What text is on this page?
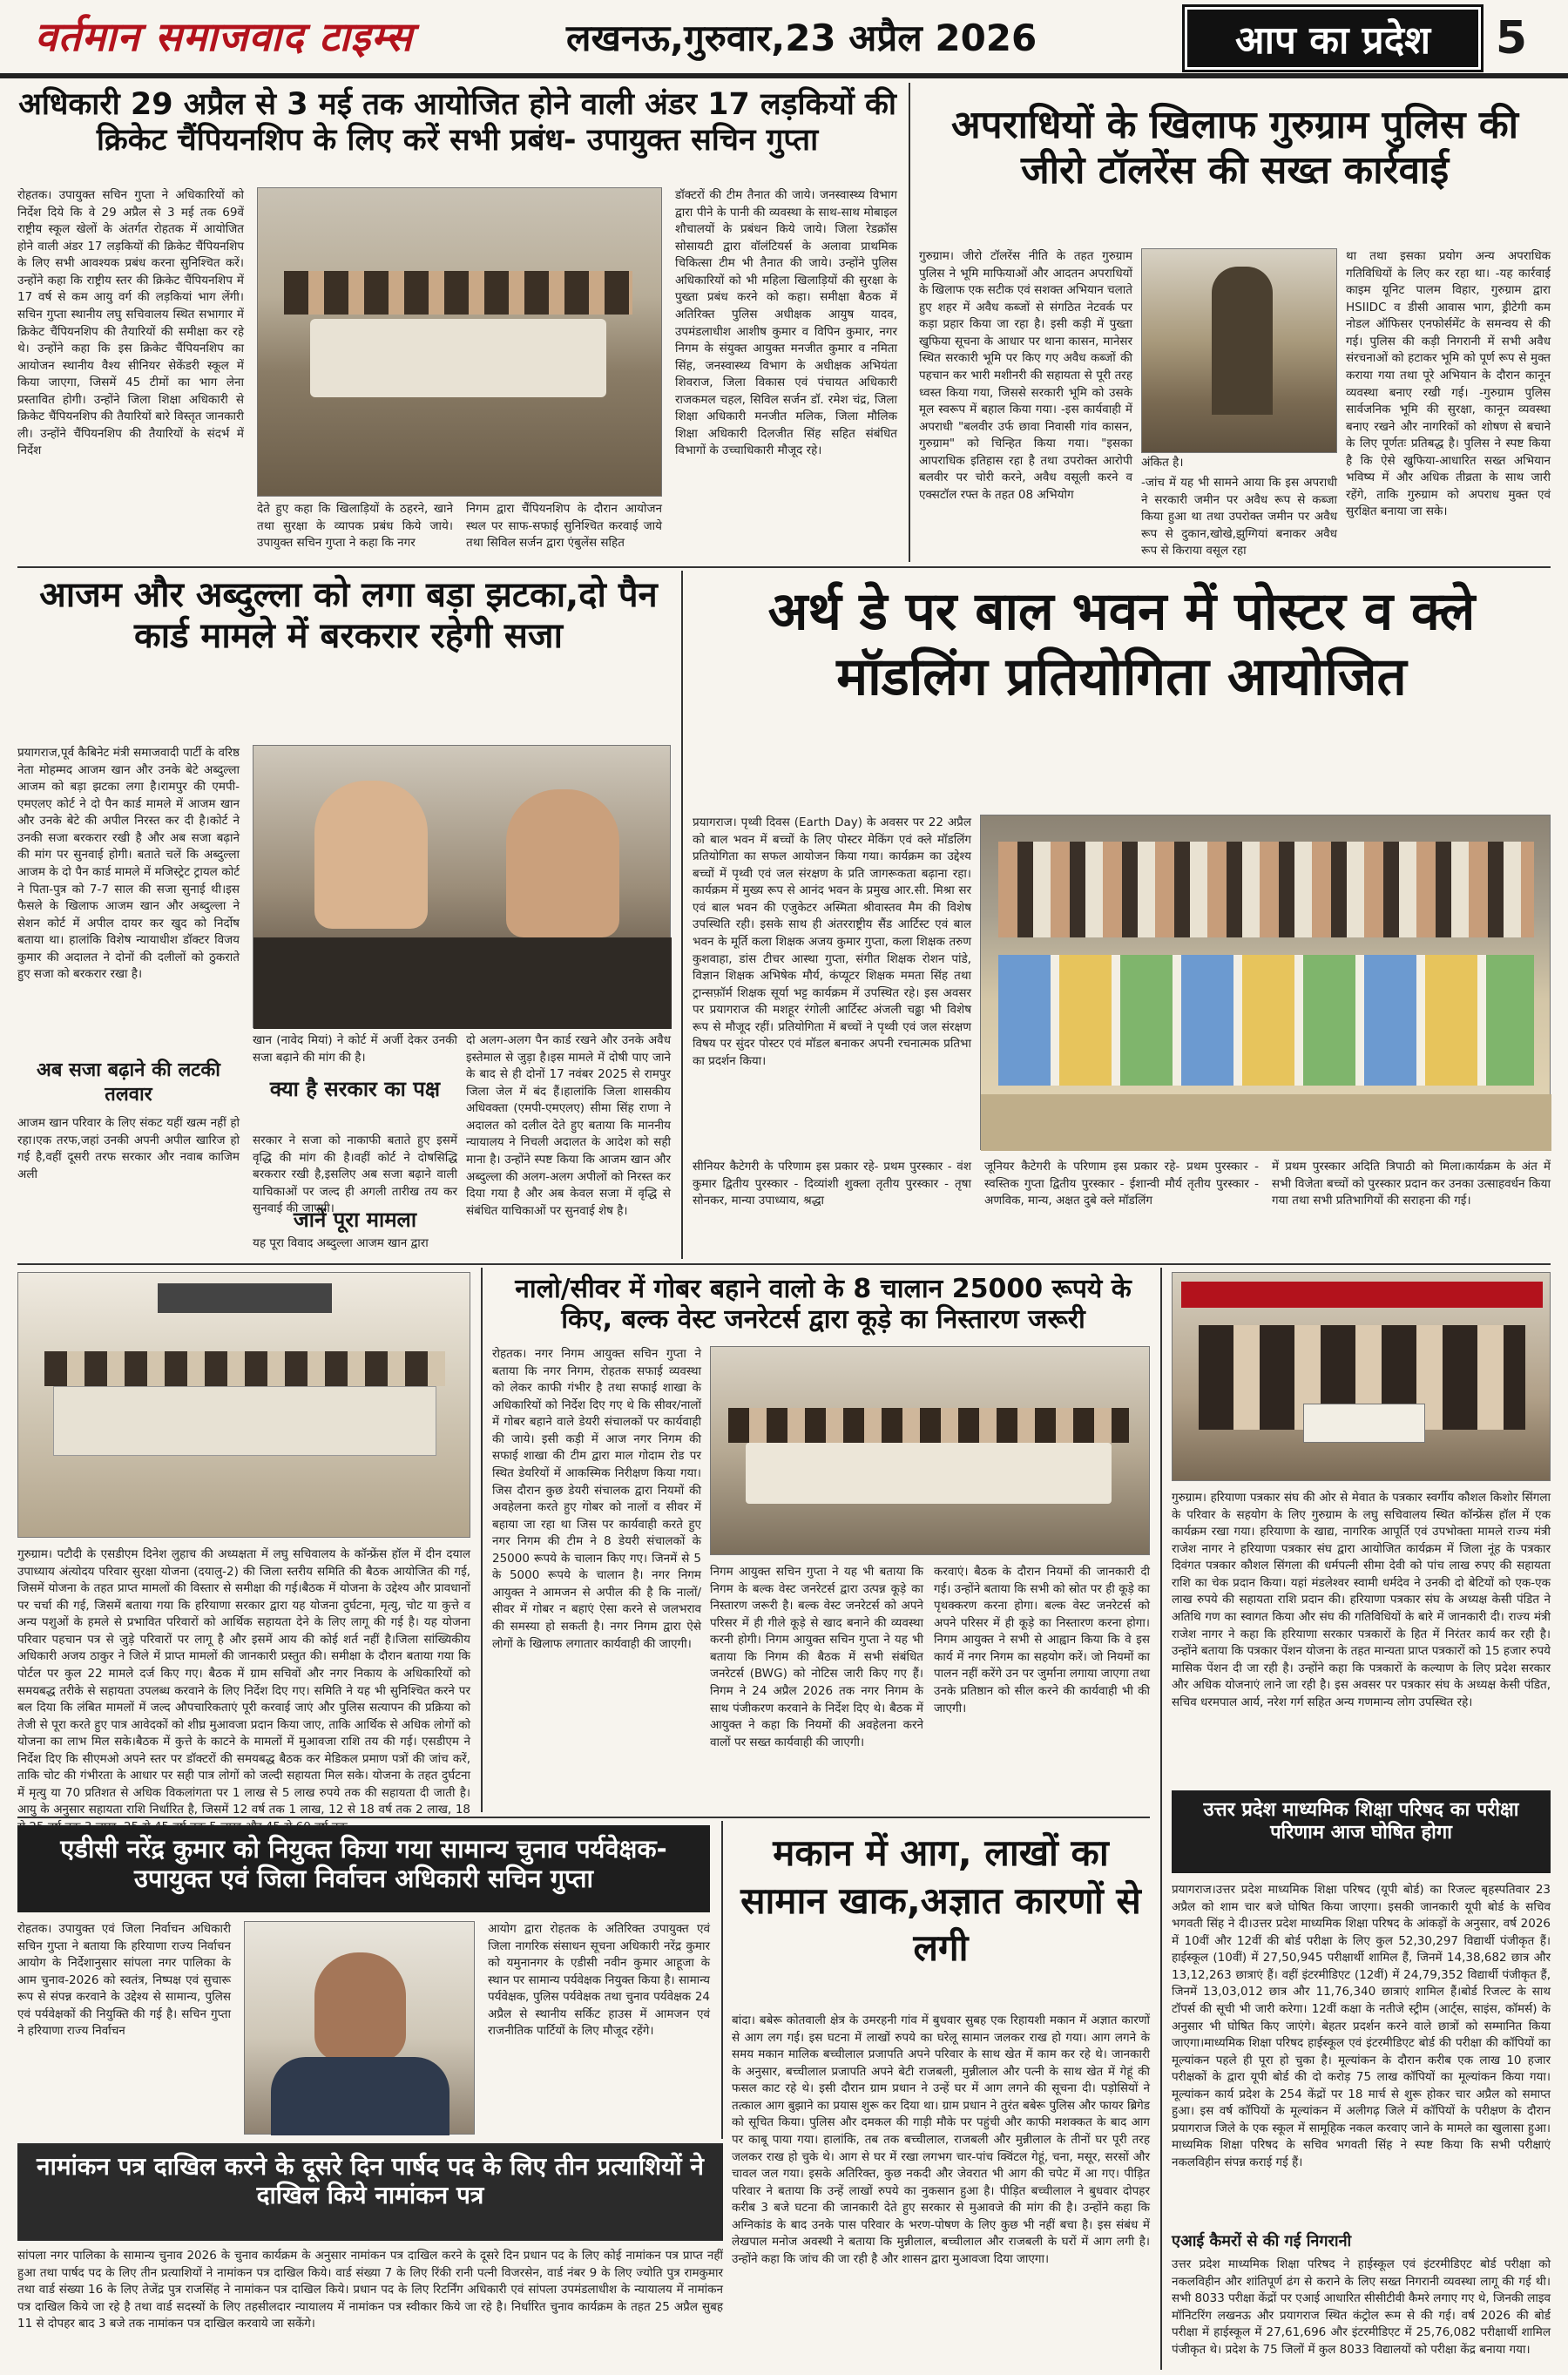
वर्तमान समाजवाद टाइम्स	लखनऊ,गुरुवार,23 अप्रैल 2026	आप का प्रदेश	5
अधिकारी 29 अप्रैल से 3 मई तक आयोजित होने वाली अंडर 17 लड़कियों की क्रिकेट चैंपियनशिप के लिए करें सभी प्रबंध- उपायुक्त सचिन गुप्ता
रोहतक। उपायुक्त सचिन गुप्ता ने अधिकारियों को निर्देश दिये कि वे 29 अप्रैल से 3 मई तक 69वें राष्ट्रीय स्कूल खेलों के अंतर्गत रोहतक में आयोजित होने वाली अंडर 17 लड़कियों की क्रिकेट चैंपियनशिप के लिए सभी आवश्यक प्रबंध करना सुनिश्चित करें। उन्होंने कहा कि राष्ट्रीय स्तर की क्रिकेट चैंपियनशिप में 17 वर्ष से कम आयु वर्ग की लड़कियां भाग लेंगी। सचिन गुप्ता स्थानीय लघु सचिवालय स्थित सभागार में क्रिकेट चैंपियनशिप की तैयारियों की समीक्षा कर रहे थे। उन्होंने कहा कि इस क्रिकेट चैंपियनशिप का आयोजन स्थानीय वैश्य सीनियर सेकेंडरी स्कूल में किया जाएगा, जिसमें 45 टीमों का भाग लेना प्रस्तावित होगी। उन्होंने जिला शिक्षा अधिकारी से क्रिकेट चैंपियनशिप की तैयारियों बारे विस्तृत जानकारी ली। उन्होंने चैंपियनशिप की तैयारियों के संदर्भ में निर्देश
देते हुए कहा कि खिलाड़ियों के ठहरने, खाने तथा सुरक्षा के व्यापक प्रबंध किये जाये। उपायुक्त सचिन गुप्ता ने कहा कि नगर
निगम द्वारा चैंपियनशिप के दौरान आयोजन स्थल पर साफ-सफाई सुनिश्चित करवाई जाये तथा सिविल सर्जन द्वारा एंबुलेंस सहित
डॉक्टरों की टीम तैनात की जाये। जनस्वास्थ्य विभाग द्वारा पीने के पानी की व्यवस्था के साथ-साथ मोबाइल शौचालयों के प्रबंधन किये जाये। जिला रेडक्रॉस सोसायटी द्वारा वॉलंटियर्स के अलावा प्राथमिक चिकित्सा टीम भी तैनात की जाये। उन्होंने पुलिस अधिकारियों को भी महिला खिलाड़ियों की सुरक्षा के पुख्ता प्रबंध करने को कहा। समीक्षा बैठक में अतिरिक्त पुलिस अधीक्षक आयुष यादव, उपमंडलाधीश आशीष कुमार व विपिन कुमार, नगर निगम के संयुक्त आयुक्त मनजीत कुमार व नमिता सिंह, जनस्वास्थ्य विभाग के अधीक्षक अभियंता शिवराज, जिला विकास एवं पंचायत अधिकारी राजकमल चहल, सिविल सर्जन डॉ. रमेश चंद्र, जिला शिक्षा अधिकारी मनजीत मलिक, जिला मौलिक शिक्षा अधिकारी दिलजीत सिंह सहित संबंधित विभागों के उच्चाधिकारी मौजूद रहे।
अपराधियों के खिलाफ गुरुग्राम पुलिस की जीरो टॉलरेंस की सख्त कार्रवाई
गुरुग्राम। जीरो टॉलरेंस नीति के तहत गुरुग्राम पुलिस ने भूमि माफियाओं और आदतन अपराधियों के खिलाफ एक सटीक एवं सशक्त अभियान चलाते हुए शहर में अवैध कब्जों से संगठित नेटवर्क पर कड़ा प्रहार किया जा रहा है। इसी कड़ी में पुख्ता खुफिया सूचना के आधार पर थाना कासन, मानेसर स्थित सरकारी भूमि पर किए गए अवैध कब्जों की पहचान कर भारी मशीनरी की सहायता से पूरी तरह ध्वस्त किया गया, जिससे सरकारी भूमि को उसके मूल स्वरूप में बहाल किया गया। -इस कार्यवाही में अपराधी "बलवीर उर्फ छावा निवासी गांव कासन, गुरुग्राम" को चिन्हित किया गया। "इसका आपराधिक इतिहास रहा है तथा उपरोक्त आरोपी बलवीर पर चोरी करने, अवैध वसूली करने व एक्सटॉल रफ्त के तहत 08 अभियोग
अंकित है।
-जांच में यह भी सामने आया कि इस अपराधी ने सरकारी जमीन पर अवैध रूप से कब्जा किया हुआ था तथा उपरोक्त जमीन पर अवैध रूप से दुकान,खोखे,झुग्गियां बनाकर अवैध रूप से किराया वसूल रहा
था तथा इसका प्रयोग अन्य अपराधिक गतिविधियों के लिए कर रहा था। -यह कार्रवाई काइम यूनिट पालम विहार, गुरुग्राम द्वारा HSIIDC व डीसी आवास भाग, ड्रीटेगी कम नोडल ऑफिसर एनफोर्समेंट के समन्वय से की गई। पुलिस की कड़ी निगरानी में सभी अवैध संरचनाओं को हटाकर भूमि को पूर्ण रूप से मुक्त कराया गया तथा पूरे अभियान के दौरान कानून व्यवस्था बनाए रखी गई। -गुरुग्राम पुलिस सार्वजनिक भूमि की सुरक्षा, कानून व्यवस्था बनाए रखने और नागरिकों को शोषण से बचाने के लिए पूर्णतः प्रतिबद्ध है। पुलिस ने स्पष्ट किया है कि ऐसे खुफिया-आधारित सख्त अभियान भविष्य में और अधिक तीव्रता के साथ जारी रहेंगे, ताकि गुरुग्राम को अपराध मुक्त एवं सुरक्षित बनाया जा सके।
आजम और अब्दुल्ला को लगा बड़ा झटका,दो पैन कार्ड मामले में बरकरार रहेगी सजा
प्रयागराज,पूर्व कैबिनेट मंत्री समाजवादी पार्टी के वरिष्ठ नेता मोहम्मद आजम खान और उनके बेटे अब्दुल्ला आजम को बड़ा झटका लगा है।रामपुर की एमपी-एमएलए कोर्ट ने दो पैन कार्ड मामले में आजम खान और उनके बेटे की अपील निरस्त कर दी है।कोर्ट ने उनकी सजा बरकरार रखी है और अब सजा बढ़ाने की मांग पर सुनवाई होगी। बताते चलें कि अब्दुल्ला आजम के दो पैन कार्ड मामले में मजिस्ट्रेट ट्रायल कोर्ट ने पिता-पुत्र को 7-7 साल की सजा सुनाई थी।इस फैसले के खिलाफ आजम खान और अब्दुल्ला ने सेशन कोर्ट में अपील दायर कर खुद को निर्दोष बताया था। हालांकि विशेष न्यायाधीश डॉक्टर विजय कुमार की अदालत ने दोनों की दलीलों को ठुकराते हुए सजा को बरकरार रखा है।
अब सजा बढ़ाने की लटकी तलवार
आजम खान परिवार के लिए संकट यहीं खत्म नहीं हो रहा।एक तरफ,जहां उनकी अपनी अपील खारिज हो गई है,वहीं दूसरी तरफ सरकार और नवाब काजिम अली
खान (नावेद मियां) ने कोर्ट में अर्जी देकर उनकी सजा बढ़ाने की मांग की है।
क्या है सरकार का पक्ष
सरकार ने सजा को नाकाफी बताते हुए इसमें वृद्धि की मांग की है।वहीं कोर्ट ने दोषसिद्धि बरकरार रखी है,इसलिए अब सजा बढ़ाने वाली याचिकाओं पर जल्द ही अगली तारीख तय कर सुनवाई की जाएगी।
जानें पूरा मामला
यह पूरा विवाद अब्दुल्ला आजम खान द्वारा
दो अलग-अलग पैन कार्ड रखने और उनके अवैध इस्तेमाल से जुड़ा है।इस मामले में दोषी पाए जाने के बाद से ही दोनों 17 नवंबर 2025 से रामपुर जिला जेल में बंद हैं।हालांकि जिला शासकीय अधिवक्ता (एमपी-एमएलए) सीमा सिंह राणा ने अदालत को दलील देते हुए बताया कि माननीय न्यायालय ने निचली अदालत के आदेश को सही माना है। उन्होंने स्पष्ट किया कि आजम खान और अब्दुल्ला की अलग-अलग अपीलों को निरस्त कर दिया गया है और अब केवल सजा में वृद्धि से संबंधित याचिकाओं पर सुनवाई शेष है।
अर्थ डे पर बाल भवन में पोस्टर व क्ले मॉडलिंग प्रतियोगिता आयोजित
प्रयागराज। पृथ्वी दिवस (Earth Day) के अवसर पर 22 अप्रैल को बाल भवन में बच्चों के लिए पोस्टर मेकिंग एवं क्ले मॉडलिंग प्रतियोगिता का सफल आयोजन किया गया। कार्यक्रम का उद्देश्य बच्चों में पृथ्वी एवं जल संरक्षण के प्रति जागरूकता बढ़ाना रहा। कार्यक्रम में मुख्य रूप से आनंद भवन के प्रमुख आर.सी. मिश्रा सर एवं बाल भवन की एजुकेटर अस्मिता श्रीवास्तव मैम की विशेष उपस्थिति रही। इसके साथ ही अंतरराष्ट्रीय सैंड आर्टिस्ट एवं बाल भवन के मूर्ति कला शिक्षक अजय कुमार गुप्ता, कला शिक्षक तरुण कुशवाहा, डांस टीचर आस्था गुप्ता, संगीत शिक्षक रोशन पांडे, विज्ञान शिक्षक अभिषेक मौर्य, कंप्यूटर शिक्षक ममता सिंह तथा ट्रान्सफ़ॉर्म शिक्षक सूर्या भट्ट कार्यक्रम में उपस्थित रहे। इस अवसर पर प्रयागराज की मशहूर रंगोली आर्टिस्ट अंजली चढ्ढा भी विशेष रूप से मौजूद रहीं। प्रतियोगिता में बच्चों ने पृथ्वी एवं जल संरक्षण विषय पर सुंदर पोस्टर एवं मॉडल बनाकर अपनी रचनात्मक प्रतिभा का प्रदर्शन किया।
सीनियर कैटेगरी के परिणाम इस प्रकार रहे- प्रथम पुरस्कार - वंश कुमार द्वितीय पुरस्कार - दिव्यांशी शुक्ला तृतीय पुरस्कार - तृषा सोनकर, मान्या उपाध्याय, श्रद्धा
जूनियर कैटेगरी के परिणाम इस प्रकार रहे- प्रथम पुरस्कार - स्वस्तिक गुप्ता द्वितीय पुरस्कार - ईशान्वी मौर्य तृतीय पुरस्कार - अणविक, मान्य, अक्षत दुबे क्ले मॉडलिंग
में प्रथम पुरस्कार अदिति त्रिपाठी को मिला।कार्यक्रम के अंत में सभी विजेता बच्चों को पुरस्कार प्रदान कर उनका उत्साहवर्धन किया गया तथा सभी प्रतिभागियों की सराहना की गई।
गुरुग्राम। पटौदी के एसडीएम दिनेश लुहाच की अध्यक्षता में लघु सचिवालय के कॉन्फ्रेंस हॉल में दीन दयाल उपाध्याय अंत्योदय परिवार सुरक्षा योजना (दयालु-2) की जिला स्तरीय समिति की बैठक आयोजित की गई, जिसमें योजना के तहत प्राप्त मामलों की विस्तार से समीक्षा की गई।बैठक में योजना के उद्देश्य और प्रावधानों पर चर्चा की गई, जिसमें बताया गया कि हरियाणा सरकार द्वारा यह योजना दुर्घटना, मृत्यु, चोट या कुत्ते व अन्य पशुओं के हमले से प्रभावित परिवारों को आर्थिक सहायता देने के लिए लागू की गई है। यह योजना परिवार पहचान पत्र से जुड़े परिवारों पर लागू है और इसमें आय की कोई शर्त नहीं है।जिला सांख्यिकीय अधिकारी अजय ठाकुर ने जिले में प्राप्त मामलों की जानकारी प्रस्तुत की। समीक्षा के दौरान बताया गया कि पोर्टल पर कुल 22 मामले दर्ज किए गए। बैठक में ग्राम सचिवों और नगर निकाय के अधिकारियों को समयबद्ध तरीके से सहायता उपलब्ध करवाने के लिए निर्देश दिए गए। समिति ने यह भी सुनिश्चित करने पर बल दिया कि लंबित मामलों में जल्द औपचारिकताएं पूरी करवाई जाएं और पुलिस सत्यापन की प्रक्रिया को तेजी से पूरा करते हुए पात्र आवेदकों को शीघ्र मुआवजा प्रदान किया जाए, ताकि आर्थिक से अधिक लोगों को योजना का लाभ मिल सके।बैठक में कुत्ते के काटने के मामलों में मुआवजा राशि तय की गई। एसडीएम ने निर्देश दिए कि सीएमओ अपने स्तर पर डॉक्टरों की समयबद्ध बैठक कर मेडिकल प्रमाण पत्रों की जांच करें, ताकि चोट की गंभीरता के आधार पर सही पात्र लोगों को जल्दी सहायता मिल सके। योजना के तहत दुर्घटना में मृत्यु या 70 प्रतिशत से अधिक विकलांगता पर 1 लाख से 5 लाख रुपये तक की सहायता दी जाती है। आयु के अनुसार सहायता राशि निर्धारित है, जिसमें 12 वर्ष तक 1 लाख, 12 से 18 वर्ष तक 2 लाख, 18
नालो/सीवर में गोबर बहाने वालो के 8 चालान 25000 रूपये के किए, बल्क वेस्ट जनरेटर्स द्वारा कूड़े का निस्तारण जरूरी
रोहतक। नगर निगम आयुक्त सचिन गुप्ता ने बताया कि नगर निगम, रोहतक सफाई व्यवस्था को लेकर काफी गंभीर है तथा सफाई शाखा के अधिकारियों को निर्देश दिए गए थे कि सीवर/नालों में गोबर बहाने वाले डेयरी संचालकों पर कार्यवाही की जाये। इसी कड़ी में आज नगर निगम की सफाई शाखा की टीम द्वारा माल गोदाम रोड पर स्थित डेयरियों में आकस्मिक निरीक्षण किया गया। जिस दौरान कुछ डेयरी संचालक द्वारा नियमों की अवहेलना करते हुए गोबर को नालों व सीवर में बहाया जा रहा था जिस पर कार्यवाही करते हुए नगर निगम की टीम ने 8 डेयरी संचालकों के 25000 रूपये के चालान किए गए। जिनमें से 5 के 5000 रूपये के चालान है। नगर निगम आयुक्त ने आमजन से अपील की है कि नालों/सीवर में गोबर न बहाएं ऐसा करने से जलभराव की समस्या हो सकती है। नगर निगम द्वारा ऐसे लोगों के खिलाफ लगातार कार्यवाही की जाएगी।
निगम आयुक्त सचिन गुप्ता ने यह भी बताया कि निगम के बल्क वेस्ट जनरेटर्स द्वारा उत्पन्न कूड़े का निस्तारण जरूरी है। बल्क वेस्ट जनरेटर्स को अपने परिसर में ही गीले कूड़े से खाद बनाने की व्यवस्था करनी होगी। निगम आयुक्त सचिन गुप्ता ने यह भी बताया कि निगम की बैठक में सभी संबंधित जनरेटर्स (BWG) को नोटिस जारी किए गए हैं। निगम ने 24 अप्रैल 2026 तक नगर निगम के साथ पंजीकरण करवाने के निर्देश दिए थे। बैठक में आयुक्त ने कहा कि नियमों की अवहेलना करने वालों पर सख्त कार्यवाही की जाएगी।
करवाएं। बैठक के दौरान नियमों की जानकारी दी गई। उन्होंने बताया कि सभी को स्रोत पर ही कूड़े का पृथक्करण करना होगा। बल्क वेस्ट जनरेटर्स को अपने परिसर में ही कूड़े का निस्तारण करना होगा। निगम आयुक्त ने सभी से आह्वान किया कि वे इस कार्य में नगर निगम का सहयोग करें। जो नियमों का पालन नहीं करेंगे उन पर जुर्माना लगाया जाएगा तथा उनके प्रतिष्ठान को सील करने की कार्यवाही भी की जाएगी।
गुरुग्राम। हरियाणा पत्रकार संघ की ओर से मेवात के पत्रकार स्वर्गीय कौशल किशोर सिंगला के परिवार के सहयोग के लिए गुरुग्राम के लघु सचिवालय स्थित कॉन्फ्रेंस हॉल में एक कार्यक्रम रखा गया। हरियाणा के खाद्य, नागरिक आपूर्ति एवं उपभोक्ता मामले राज्य मंत्री राजेश नागर ने हरियाणा पत्रकार संघ द्वारा आयोजित कार्यक्रम में जिला नूंह के पत्रकार दिवंगत पत्रकार कौशल सिंगला की धर्मपत्नी सीमा देवी को पांच लाख रुपए की सहायता राशि का चेक प्रदान किया। यहां मंडलेश्वर स्वामी धर्मदेव ने उनकी दो बेटियों को एक-एक लाख रुपये की सहायता राशि प्रदान की। हरियाणा पत्रकार संघ के अध्यक्ष केसी पंडित ने अतिथि गण का स्वागत किया और संघ की गतिविधियों के बारे में जानकारी दी। राज्य मंत्री राजेश नागर ने कहा कि हरियाणा सरकार पत्रकारों के हित में निरंतर कार्य कर रही है। उन्होंने बताया कि पत्रकार पेंशन योजना के तहत मान्यता प्राप्त पत्रकारों को 15 हजार रुपये मासिक पेंशन दी जा रही है। उन्होंने कहा कि पत्रकारों के कल्याण के लिए प्रदेश सरकार और अधिक योजनाएं लाने जा रही है। इस अवसर पर पत्रकार संघ के अध्यक्ष केसी पंडित, सचिव धरमपाल आर्य, नरेश गर्ग सहित अन्य गणमान्य लोग उपस्थित रहे।
उत्तर प्रदेश माध्यमिक शिक्षा परिषद का परीक्षा परिणाम आज घोषित होगा
प्रयागराज।उत्तर प्रदेश माध्यमिक शिक्षा परिषद (यूपी बोर्ड) का रिजल्ट बृहस्पतिवार 23 अप्रैल को शाम चार बजे घोषित किया जाएगा। इसकी जानकारी यूपी बोर्ड के सचिव भगवती सिंह ने दी।उत्तर प्रदेश माध्यमिक शिक्षा परिषद के आंकड़ों के अनुसार, वर्ष 2026 में 10वीं और 12वीं की बोर्ड परीक्षा के लिए कुल 52,30,297 विद्यार्थी पंजीकृत हैं। हाईस्कूल (10वीं) में 27,50,945 परीक्षार्थी शामिल हैं, जिनमें 14,38,682 छात्र और 13,12,263 छात्राएं हैं। वहीं इंटरमीडिएट (12वीं) में 24,79,352 विद्यार्थी पंजीकृत हैं, जिनमें 13,03,012 छात्र और 11,76,340 छात्राएं शामिल हैं।बोर्ड रिजल्ट के साथ टॉपर्स की सूची भी जारी करेगा। 12वीं कक्षा के नतीजे स्ट्रीम (आर्ट्स, साइंस, कॉमर्स) के अनुसार भी घोषित किए जाएंगे। बेहतर प्रदर्शन करने वाले छात्रों को सम्मानित किया जाएगा।माध्यमिक शिक्षा परिषद हाईस्कूल एवं इंटरमीडिएट बोर्ड की परीक्षा की कॉपियों का मूल्यांकन पहले ही पूरा हो चुका है। मूल्यांकन के दौरान करीब एक लाख 10 हजार परीक्षकों के द्वारा यूपी बोर्ड की दो करोड़ 75 लाख कॉपियों का मूल्यांकन किया गया। मूल्यांकन कार्य प्रदेश के 254 केंद्रों पर 18 मार्च से शुरू होकर चार अप्रैल को समाप्त हुआ। इस वर्ष कॉपियों के मूल्यांकन में अलीगढ़ जिले में कॉपियों के परीक्षण के दौरान प्रयागराज जिले के एक स्कूल में सामूहिक नकल करवाए जाने के मामले का खुलासा हुआ। माध्यमिक शिक्षा परिषद के सचिव भगवती सिंह ने स्पष्ट किया कि सभी परीक्षाएं नकलविहीन संपन्न कराई गई हैं।
एआई कैमरों से की गई निगरानी
उत्तर प्रदेश माध्यमिक शिक्षा परिषद ने हाईस्कूल एवं इंटरमीडिएट बोर्ड परीक्षा को नकलविहीन और शांतिपूर्ण ढंग से कराने के लिए सख्त निगरानी व्यवस्था लागू की गई थी। सभी 8033 परीक्षा केंद्रों पर एआई आधारित सीसीटीवी कैमरे लगाए गए थे, जिनकी लाइव मॉनिटरिंग लखनऊ और प्रयागराज स्थित कंट्रोल रूम से की गई। वर्ष 2026 की बोर्ड परीक्षा में हाईस्कूल में 27,61,696 और इंटरमीडिएट में 25,76,082 परीक्षार्थी शामिल पंजीकृत थे। प्रदेश के 75 जिलों में कुल 8033 विद्यालयों को परीक्षा केंद्र बनाया गया।
एडीसी नरेंद्र कुमार को नियुक्त किया गया सामान्य चुनाव पर्यवेक्षक-उपायुक्त एवं जिला निर्वाचन अधिकारी सचिन गुप्ता
रोहतक। उपायुक्त एवं जिला निर्वाचन अधिकारी सचिन गुप्ता ने बताया कि हरियाणा राज्य निर्वाचन आयोग के निर्देशानुसार सांपला नगर पालिका के आम चुनाव-2026 को स्वतंत्र, निष्पक्ष एवं सुचारू रूप से संपन्न करवाने के उद्देश्य से सामान्य, पुलिस एवं पर्यवेक्षकों की नियुक्ति की गई है। सचिन गुप्ता ने हरियाणा राज्य निर्वाचन
आयोग द्वारा रोहतक के अतिरिक्त उपायुक्त एवं जिला नागरिक संसाधन सूचना अधिकारी नरेंद्र कुमार को यमुनानगर के एडीसी नवीन कुमार आहूजा के स्थान पर सामान्य पर्यवेक्षक नियुक्त किया है। सामान्य पर्यवेक्षक, पुलिस पर्यवेक्षक तथा चुनाव पर्यवेक्षक 24 अप्रैल से स्थानीय सर्किट हाउस में आमजन एवं राजनीतिक पार्टियों के लिए मौजूद रहेंगे।
मकान में आग, लाखों का सामान खाक,अज्ञात कारणों से लगी
बांदा। बबेरू कोतवाली क्षेत्र के उमरहनी गांव में बुधवार सुबह एक रिहायशी मकान में अज्ञात कारणों से आग लग गई। इस घटना में लाखों रुपये का घरेलू सामान जलकर राख हो गया। आग लगने के समय मकान मालिक बच्चीलाल प्रजापति अपने परिवार के साथ खेत में काम कर रहे थे। जानकारी के अनुसार, बच्चीलाल प्रजापति अपने बेटी राजबली, मुन्नीलाल और पत्नी के साथ खेत में गेहूं की फसल काट रहे थे। इसी दौरान ग्राम प्रधान ने उन्हें घर में आग लगने की सूचना दी। पड़ोसियों ने तत्काल आग बुझाने का प्रयास शुरू कर दिया था। ग्राम प्रधान ने तुरंत बबेरू पुलिस और फायर ब्रिगेड को सूचित किया। पुलिस और दमकल की गाड़ी मौके पर पहुंची और काफी मशक्कत के बाद आग पर काबू पाया गया। हालांकि, तब तक बच्चीलाल, राजबली और मुन्नीलाल के तीनों घर पूरी तरह जलकर राख हो चुके थे। आग से घर में रखा लगभग चार-पांच क्विंटल गेहूं, चना, मसूर, सरसों और चावल जल गया। इसके अतिरिक्त, कुछ नकदी और जेवरात भी आग की चपेट में आ गए। पीड़ित परिवार ने बताया कि उन्हें लाखों रुपये का नुकसान हुआ है। पीड़ित बच्चीलाल ने बुधवार दोपहर करीब 3 बजे घटना की जानकारी देते हुए सरकार से मुआवजे की मांग की है। उन्होंने कहा कि अग्निकांड के बाद उनके पास परिवार के भरण-पोषण के लिए कुछ भी नहीं बचा है। इस संबंध में लेखपाल मनोज अवस्थी ने बताया कि मुन्नीलाल, बच्चीलाल और राजबली के घरों में आग लगी है। उन्होंने कहा कि जांच की जा रही है और शासन द्वारा मुआवजा दिया जाएगा।
नामांकन पत्र दाखिल करने के दूसरे दिन पार्षद पद के लिए तीन प्रत्याशियों ने दाखिल किये नामांकन पत्र
सांपला नगर पालिका के सामान्य चुनाव 2026 के चुनाव कार्यक्रम के अनुसार नामांकन पत्र दाखिल करने के दूसरे दिन प्रधान पद के लिए कोई नामांकन पत्र प्राप्त नहीं हुआ तथा पार्षद पद के लिए तीन प्रत्याशियों ने नामांकन पत्र दाखिल किये। वार्ड संख्या 7 के लिए रिंकी रानी पत्नी विजरसेन, वार्ड नंबर 9 के लिए ज्योति पुत्र रामकुमार तथा वार्ड संख्या 16 के लिए तेजेंद्र पुत्र राजसिंह ने नामांकन पत्र दाखिल किये। प्रधान पद के लिए रिटर्निंग अधिकारी एवं सांपला उपमंडलाधीश के न्यायालय में नामांकन पत्र दाखिल किये जा रहे है तथा वार्ड सदस्यों के लिए तहसीलदार न्यायालय में नामांकन पत्र स्वीकार किये जा रहे है। निर्धारित चुनाव कार्यक्रम के तहत 25 अप्रैल सुबह 11 से दोपहर बाद 3 बजे तक नामांकन पत्र दाखिल करवाये जा सकेंगे।
